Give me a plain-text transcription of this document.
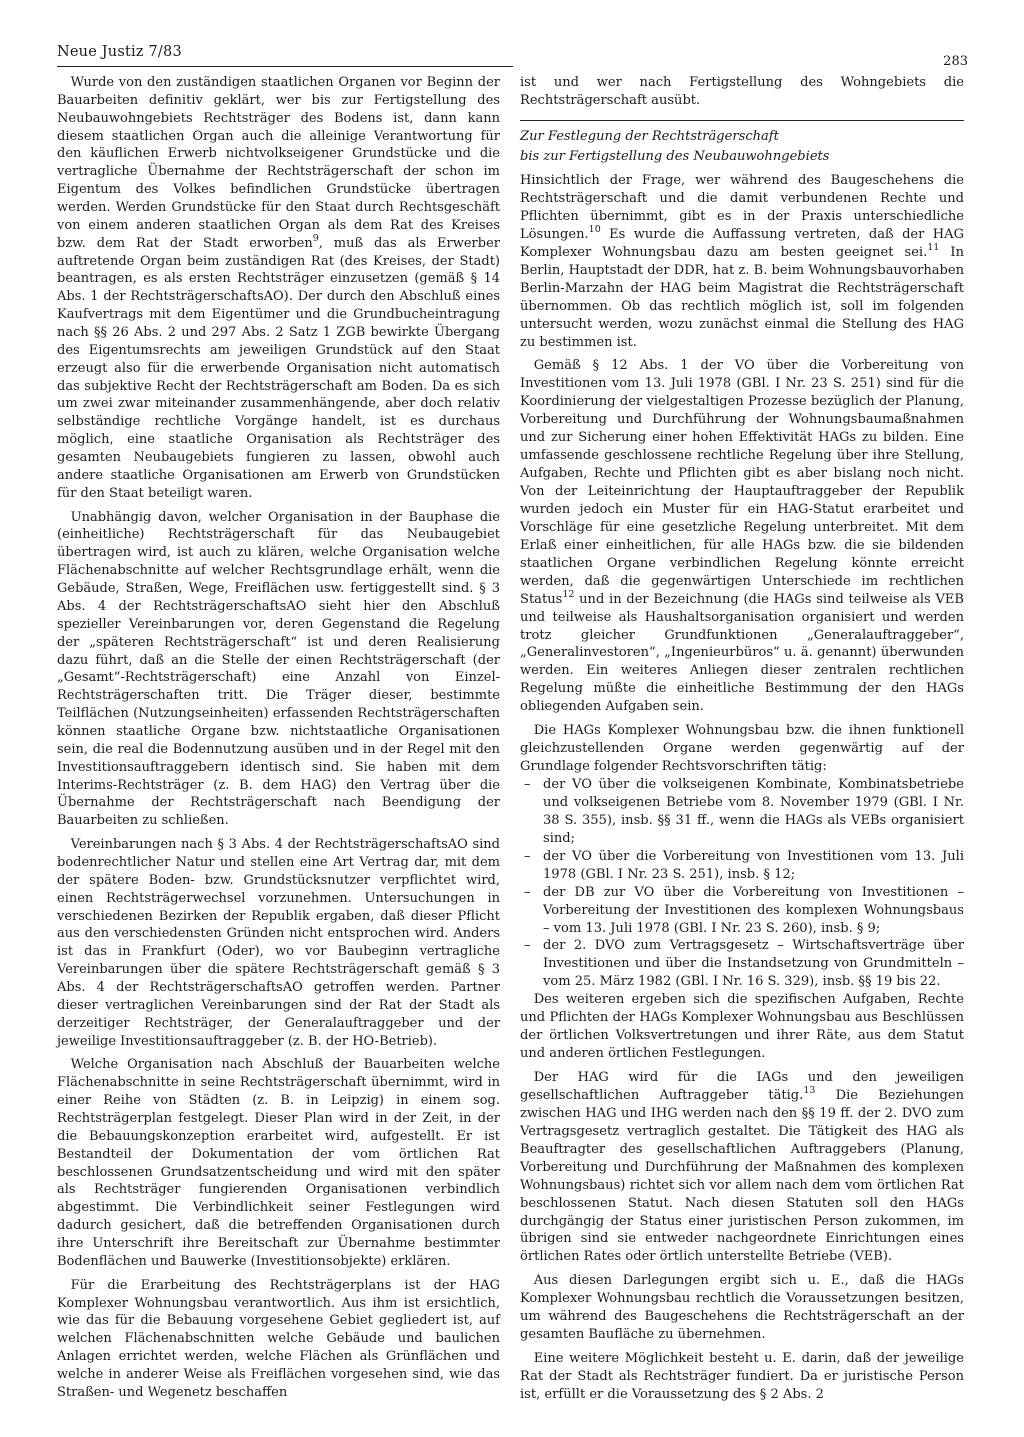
Neue Justiz 7/83
283

Wurde von den zuständigen staatlichen Organen vor Beginn der Bauarbeiten definitiv geklärt, wer bis zur Fertigstellung des Neubauwohngebiets Rechtsträger des Bodens ist, dann kann diesem staatlichen Organ auch die alleinige Verantwortung für den käuflichen Erwerb nichtvolkseigener Grundstücke und die vertragliche Übernahme der Rechtsträgerschaft der schon im Eigentum des Volkes befindlichen Grundstücke übertragen werden. Werden Grundstücke für den Staat durch Rechtsgeschäft von einem anderen staatlichen Organ als dem Rat des Kreises bzw. dem Rat der Stadt erworben$^9$, muß das als Erwerber auftretende Organ beim zuständigen Rat (des Kreises, der Stadt) beantragen, es als ersten Rechtsträger einzusetzen (gemäß § 14 Abs. 1 der RechtsträgerschaftsAO). Der durch den Abschluß eines Kaufvertrags mit dem Eigentümer und die Grundbucheintragung nach §§ 26 Abs. 2 und 297 Abs. 2 Satz 1 ZGB bewirkte Übergang des Eigentumsrechts am jeweiligen Grundstück auf den Staat erzeugt also für die erwerbende Organisation nicht automatisch das subjektive Recht der Rechtsträgerschaft am Boden. Da es sich um zwei zwar miteinander zusammenhängende, aber doch relativ selbständige rechtliche Vorgänge handelt, ist es durchaus möglich, eine staatliche Organisation als Rechtsträger des gesamten Neubaugebiets fungieren zu lassen, obwohl auch andere staatliche Organisationen am Erwerb von Grundstücken für den Staat beteiligt waren.

Unabhängig davon, welcher Organisation in der Bauphase die (einheitliche) Rechtsträgerschaft für das Neubaugebiet übertragen wird, ist auch zu klären, welche Organisation welche Flächenabschnitte auf welcher Rechtsgrundlage erhält, wenn die Gebäude, Straßen, Wege, Freiflächen usw. fertiggestellt sind. § 3 Abs. 4 der RechtsträgerschaftsAO sieht hier den Abschluß spezieller Vereinbarungen vor, deren Gegenstand die Regelung der „späteren Rechtsträgerschaft“ ist und deren Realisierung dazu führt, daß an die Stelle der einen Rechtsträgerschaft (der „Gesamt“-Rechtsträgerschaft) eine Anzahl von Einzel-Rechtsträgerschaften tritt. Die Träger dieser, bestimmte Teilflächen (Nutzungseinheiten) erfassenden Rechtsträgerschaften können staatliche Organe bzw. nichtstaatliche Organisationen sein, die real die Bodennutzung ausüben und in der Regel mit den Investitionsauftraggebern identisch sind. Sie haben mit dem Interims-Rechtsträger (z. B. dem HAG) den Vertrag über die Übernahme der Rechtsträgerschaft nach Beendigung der Bauarbeiten zu schließen.

Vereinbarungen nach § 3 Abs. 4 der RechtsträgerschaftsAO sind bodenrechtlicher Natur und stellen eine Art Vertrag dar, mit dem der spätere Boden- bzw. Grundstücksnutzer verpflichtet wird, einen Rechtsträgerwechsel vorzunehmen. Untersuchungen in verschiedenen Bezirken der Republik ergaben, daß dieser Pflicht aus den verschiedensten Gründen nicht entsprochen wird. Anders ist das in Frankfurt (Oder), wo vor Baubeginn vertragliche Vereinbarungen über die spätere Rechtsträgerschaft gemäß § 3 Abs. 4 der RechtsträgerschaftsAO getroffen werden. Partner dieser vertraglichen Vereinbarungen sind der Rat der Stadt als derzeitiger Rechtsträger, der Generalauftraggeber und der jeweilige Investitionsauftraggeber (z. B. der HO-Betrieb).

Welche Organisation nach Abschluß der Bauarbeiten welche Flächenabschnitte in seine Rechtsträgerschaft übernimmt, wird in einer Reihe von Städten (z. B. in Leipzig) in einem sog. Rechtsträgerplan festgelegt. Dieser Plan wird in der Zeit, in der die Bebauungskonzeption erarbeitet wird, aufgestellt. Er ist Bestandteil der Dokumentation der vom örtlichen Rat beschlossenen Grundsatzentscheidung und wird mit den später als Rechtsträger fungierenden Organisationen verbindlich abgestimmt. Die Verbindlichkeit seiner Festlegungen wird dadurch gesichert, daß die betreffenden Organisationen durch ihre Unterschrift ihre Bereitschaft zur Übernahme bestimmter Bodenflächen und Bauwerke (Investitionsobjekte) erklären.

Für die Erarbeitung des Rechtsträgerplans ist der HAG Komplexer Wohnungsbau verantwortlich. Aus ihm ist ersichtlich, wie das für die Bebauung vorgesehene Gebiet gegliedert ist, auf welchen Flächenabschnitten welche Gebäude und baulichen Anlagen errichtet werden, welche Flächen als Grünflächen und welche in anderer Weise als Freiflächen vorgesehen sind, wie das Straßen- und Wegenetz beschaffen

ist und wer nach Fertigstellung des Wohngebiets die Rechtsträgerschaft ausübt.

Zur Festlegung der Rechtsträgerschaft
bis zur Fertigstellung des Neubauwohngebiets

Hinsichtlich der Frage, wer während des Baugeschehens die Rechtsträgerschaft und die damit verbundenen Rechte und Pflichten übernimmt, gibt es in der Praxis unterschiedliche Lösungen.$^{10}$ Es wurde die Auffassung vertreten, daß der HAG Komplexer Wohnungsbau dazu am besten geeignet sei.$^{11}$ In Berlin, Hauptstadt der DDR, hat z. B. beim Wohnungsbauvorhaben Berlin-Marzahn der HAG beim Magistrat die Rechtsträgerschaft übernommen. Ob das rechtlich möglich ist, soll im folgenden untersucht werden, wozu zunächst einmal die Stellung des HAG zu bestimmen ist.

Gemäß § 12 Abs. 1 der VO über die Vorbereitung von Investitionen vom 13. Juli 1978 (GBl. I Nr. 23 S. 251) sind für die Koordinierung der vielgestaltigen Prozesse bezüglich der Planung, Vorbereitung und Durchführung der Wohnungsbaumaßnahmen und zur Sicherung einer hohen Effektivität HAGs zu bilden. Eine umfassende geschlossene rechtliche Regelung über ihre Stellung, Aufgaben, Rechte und Pflichten gibt es aber bislang noch nicht. Von der Leiteinrichtung der Hauptauftraggeber der Republik wurden jedoch ein Muster für ein HAG-Statut erarbeitet und Vorschläge für eine gesetzliche Regelung unterbreitet. Mit dem Erlaß einer einheitlichen, für alle HAGs bzw. die sie bildenden staatlichen Organe verbindlichen Regelung könnte erreicht werden, daß die gegenwärtigen Unterschiede im rechtlichen Status$^{12}$ und in der Bezeichnung (die HAGs sind teilweise als VEB und teilweise als Haushaltsorganisation organisiert und werden trotz gleicher Grundfunktionen „Generalauftraggeber“, „Generalinvestoren“, „Ingenieurbüros“ u. ä. genannt) überwunden werden. Ein weiteres Anliegen dieser zentralen rechtlichen Regelung müßte die einheitliche Bestimmung der den HAGs obliegenden Aufgaben sein.

Die HAGs Komplexer Wohnungsbau bzw. die ihnen funktionell gleichzustellenden Organe werden gegenwärtig auf der Grundlage folgender Rechtsvorschriften tätig:

– der VO über die volkseigenen Kombinate, Kombinatsbetriebe und volkseigenen Betriebe vom 8. November 1979 (GBl. I Nr. 38 S. 355), insb. §§ 31 ff., wenn die HAGs als VEBs organisiert sind;
– der VO über die Vorbereitung von Investitionen vom 13. Juli 1978 (GBl. I Nr. 23 S. 251), insb. § 12;
– der DB zur VO über die Vorbereitung von Investitionen – Vorbereitung der Investitionen des komplexen Wohnungsbaus – vom 13. Juli 1978 (GBl. I Nr. 23 S. 260), insb. § 9;
– der 2. DVO zum Vertragsgesetz – Wirtschaftsverträge über Investitionen und über die Instandsetzung von Grundmitteln – vom 25. März 1982 (GBl. I Nr. 16 S. 329), insb. §§ 19 bis 22.

Des weiteren ergeben sich die spezifischen Aufgaben, Rechte und Pflichten der HAGs Komplexer Wohnungsbau aus Beschlüssen der örtlichen Volksvertretungen und ihrer Räte, aus dem Statut und anderen örtlichen Festlegungen.

Der HAG wird für die IAGs und den jeweiligen gesellschaftlichen Auftraggeber tätig.$^{13}$ Die Beziehungen zwischen HAG und IHG werden nach den §§ 19 ff. der 2. DVO zum Vertragsgesetz vertraglich gestaltet. Die Tätigkeit des HAG als Beauftragter des gesellschaftlichen Auftraggebers (Planung, Vorbereitung und Durchführung der Maßnahmen des komplexen Wohnungsbaus) richtet sich vor allem nach dem vom örtlichen Rat beschlossenen Statut. Nach diesen Statuten soll den HAGs durchgängig der Status einer juristischen Person zukommen, im übrigen sind sie entweder nachgeordnete Einrichtungen eines örtlichen Rates oder örtlich unterstellte Betriebe (VEB).

Aus diesen Darlegungen ergibt sich u. E., daß die HAGs Komplexer Wohnungsbau rechtlich die Voraussetzungen besitzen, um während des Baugeschehens die Rechtsträgerschaft an der gesamten Baufläche zu übernehmen.

Eine weitere Möglichkeit besteht u. E. darin, daß der jeweilige Rat der Stadt als Rechtsträger fundiert. Da er juristische Person ist, erfüllt er die Voraussetzung des § 2 Abs. 2
